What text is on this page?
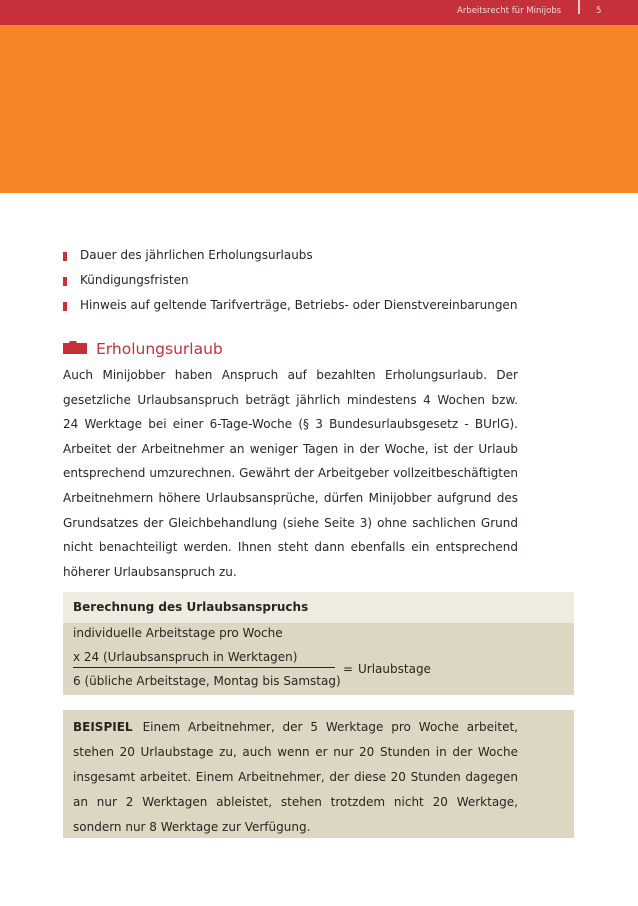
Arbeitsrecht für Minijobs	5
Dauer des jährlichen Erholungsurlaubs
Kündigungsfristen
Hinweis auf geltende Tarifverträge, Betriebs- oder Dienstvereinbarungen
Erholungsurlaub

Auch Minijobber haben Anspruch auf bezahlten Erholungsurlaub. Der gesetzliche Urlaubsanspruch beträgt jährlich mindestens 4 Wochen bzw. 24 Werktage bei einer 6-Tage-Woche (§ 3 Bundesurlaubsgesetz - BUrlG). Arbeitet der Arbeitnehmer an weniger Tagen in der Woche, ist der Urlaub entsprechend umzurechnen. Gewährt der Arbeitgeber vollzeitbeschäftigten Arbeitnehmern höhere Urlaubsansprüche, dürfen Minijobber aufgrund des Grundsatzes der Gleichbehandlung (siehe Seite 3) ohne sachlichen Grund nicht benachteiligt werden. Ihnen steht dann ebenfalls ein entsprechend höherer Urlaubsanspruch zu.

Berechnung des Urlaubsanspruchs
individuelle Arbeitstage pro Woche
x 24 (Urlaubsanspruch in Werktagen)
6 (übliche Arbeitstage, Montag bis Samstag)
= Urlaubstage

BEISPIEL Einem Arbeitnehmer, der 5 Werktage pro Woche arbeitet, stehen 20 Urlaubstage zu, auch wenn er nur 20 Stunden in der Woche insgesamt arbeitet. Einem Arbeitnehmer, der diese 20 Stunden dagegen an nur 2 Werktagen ableistet, stehen trotzdem nicht 20 Werktage, sondern nur 8 Werktage zur Verfügung.
